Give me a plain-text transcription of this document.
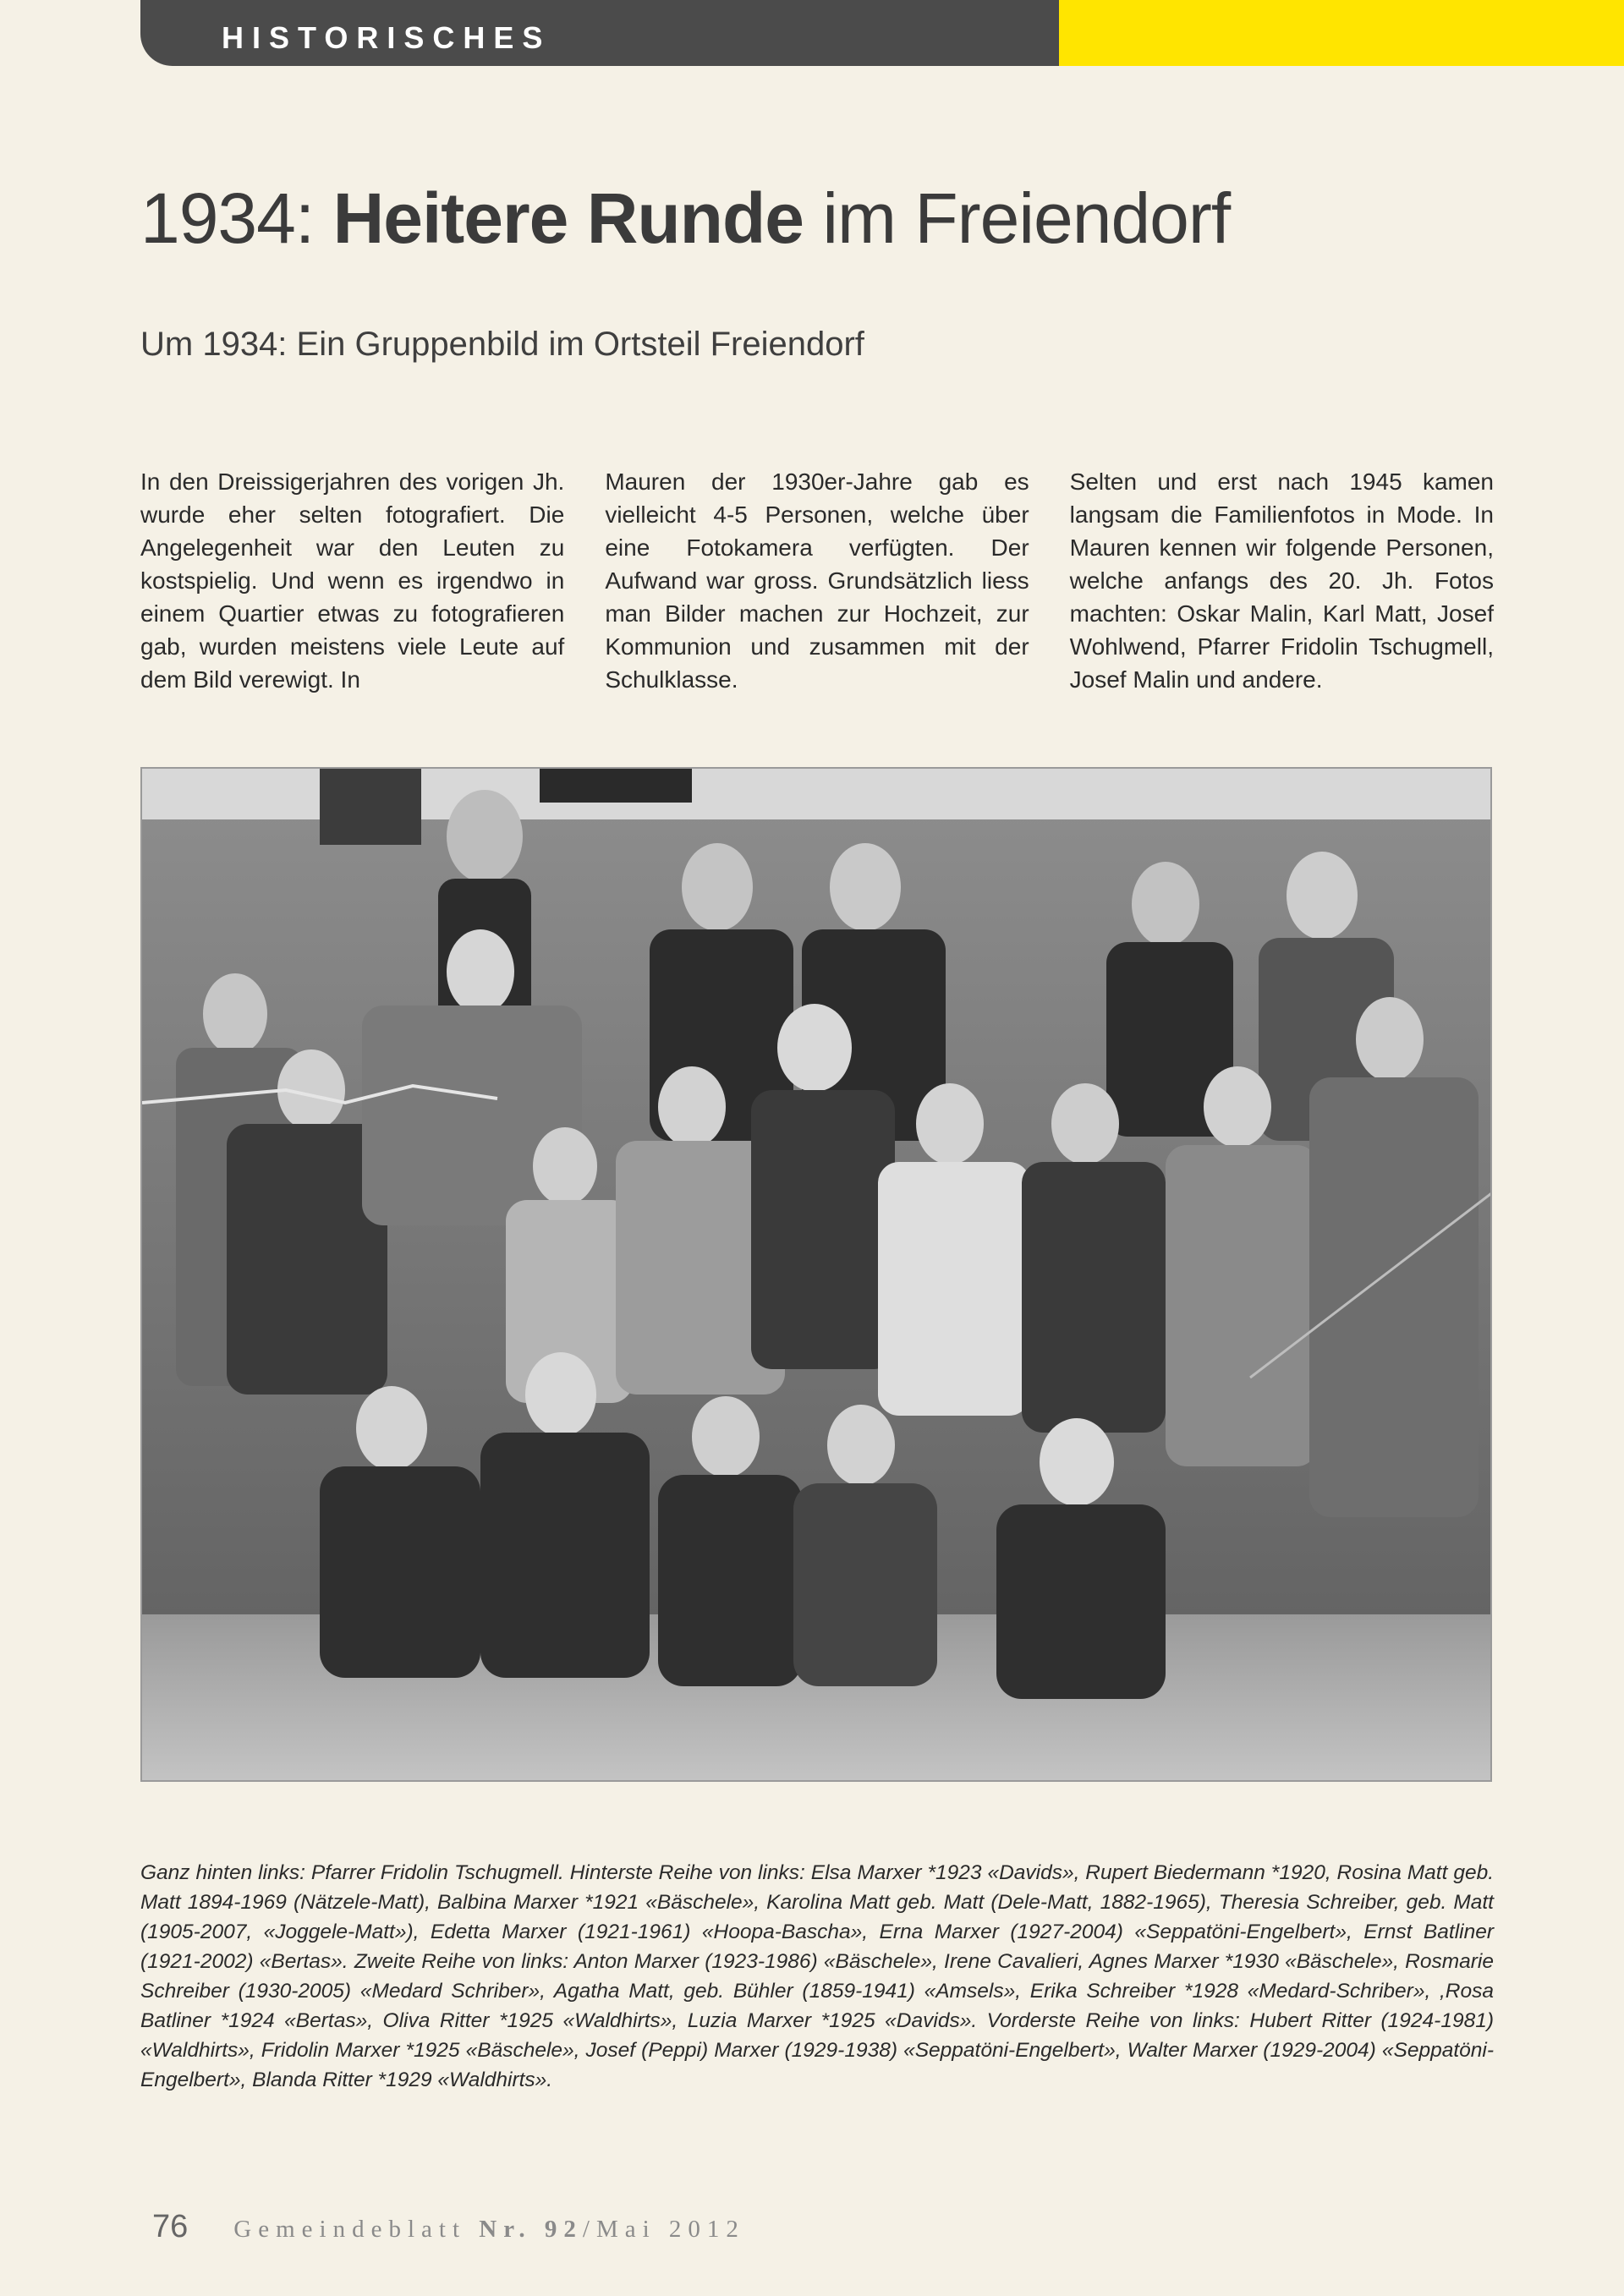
HISTORISCHES
1934: Heitere Runde im Freiendorf
Um 1934: Ein Gruppenbild im Ortsteil Freiendorf
In den Dreissigerjahren des vorigen Jh. wurde eher selten fotografiert. Die Angelegenheit war den Leuten zu kostspielig. Und wenn es irgendwo in einem Quartier etwas zu fotografieren gab, wurden meistens viele Leute auf dem Bild verewigt. In
Mauren der 1930er-Jahre gab es vielleicht 4-5 Personen, welche über eine Fotokamera verfügten. Der Aufwand war gross. Grundsätzlich liess man Bilder machen zur Hochzeit, zur Kommunion und zusammen mit der Schulklasse.
Selten und erst nach 1945 kamen langsam die Familienfotos in Mode. In Mauren kennen wir folgende Personen, welche anfangs des 20. Jh. Fotos machten: Oskar Malin, Karl Matt, Josef Wohlwend, Pfarrer Fridolin Tschugmell, Josef Malin und andere.
Ganz hinten links: Pfarrer Fridolin Tschugmell. Hinterste Reihe von links: Elsa Marxer *1923 «Davids», Rupert Biedermann *1920, Rosina Matt geb. Matt 1894-1969 (Nätzele-Matt), Balbina Marxer *1921 «Bäschele», Karolina Matt geb. Matt (Dele-Matt, 1882-1965), Theresia Schreiber, geb. Matt (1905-2007, «Joggele-Matt»), Edetta Marxer (1921-1961) «Hoopa-Bascha», Erna Marxer (1927-2004) «Seppatöni-Engelbert», Ernst Batliner (1921-2002) «Bertas». Zweite Reihe von links: Anton Marxer (1923-1986) «Bäschele», Irene Cavalieri, Agnes Marxer *1930 «Bäschele», Rosmarie Schreiber (1930-2005) «Medard Schriber», Agatha Matt, geb. Bühler (1859-1941) «Amsels», Erika Schreiber *1928 «Medard-Schriber», ,Rosa Batliner *1924 «Bertas», Oliva Ritter *1925 «Waldhirts», Luzia Marxer *1925 «Davids». Vorderste Reihe von links: Hubert Ritter (1924-1981) «Waldhirts», Fridolin Marxer *1925 «Bäschele», Josef (Peppi) Marxer (1929-1938) «Seppatöni-Engelbert», Walter Marxer (1929-2004) «Seppatöni-Engelbert», Blanda Ritter *1929 «Waldhirts».
76 Gemeindeblatt Nr. 92/Mai 2012
